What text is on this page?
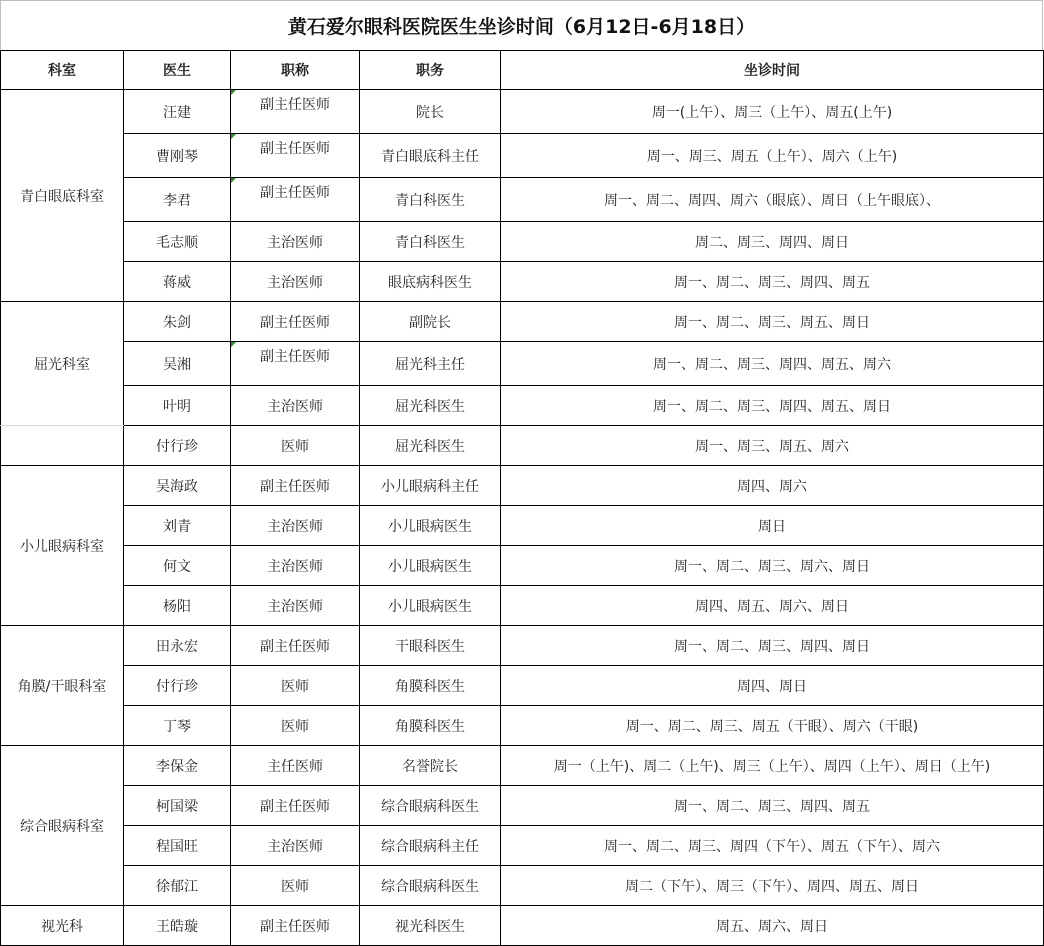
黄石爱尔眼科医院医生坐诊时间（6月12日-6月18日）
科室	医生	职称	职务	坐诊时间
青白眼底科室	汪建	副主任医师	院长	周一(上午）、周三（上午）、周五(上午)
	曹刚琴	副主任医师	青白眼底科主任	周一、周三、周五（上午）、周六（上午)
	李君	副主任医师	青白科医生	周一、周二、周四、周六（眼底）、周日（上午眼底）、
	毛志顺	主治医师	青白科医生	周二、周三、周四、周日
	蒋威	主治医师	眼底病科医生	周一、周二、周三、周四、周五
屈光科室	朱剑	副主任医师	副院长	周一、周二、周三、周五、周日
	吴湘	副主任医师	屈光科主任	周一、周二、周三、周四、周五、周六
	叶明	主治医师	屈光科医生	周一、周二、周三、周四、周五、周日
	付行珍	医师	屈光科医生	周一、周三、周五、周六
小儿眼病科室	吴海政	副主任医师	小儿眼病科主任	周四、周六
	刘青	主治医师	小儿眼病医生	周日
	何文	主治医师	小儿眼病医生	周一、周二、周三、周六、周日
	杨阳	主治医师	小儿眼病医生	周四、周五、周六、周日
角膜/干眼科室	田永宏	副主任医师	干眼科医生	周一、周二、周三、周四、周日
	付行珍	医师	角膜科医生	周四、周日
	丁琴	医师	角膜科医生	周一、周二、周三、周五（干眼）、周六（干眼)
综合眼病科室	李保金	主任医师	名誉院长	周一（上午)、周二（上午)、周三（上午）、周四（上午）、周日（上午)
	柯国梁	副主任医师	综合眼病科医生	周一、周二、周三、周四、周五
	程国旺	主治医师	综合眼病科主任	周一、周二、周三、周四（下午）、周五（下午）、周六
	徐郁江	医师	综合眼病科医生	周二（下午）、周三（下午）、周四、周五、周日
视光科	王皓璇	副主任医师	视光科医生	周五、周六、周日
